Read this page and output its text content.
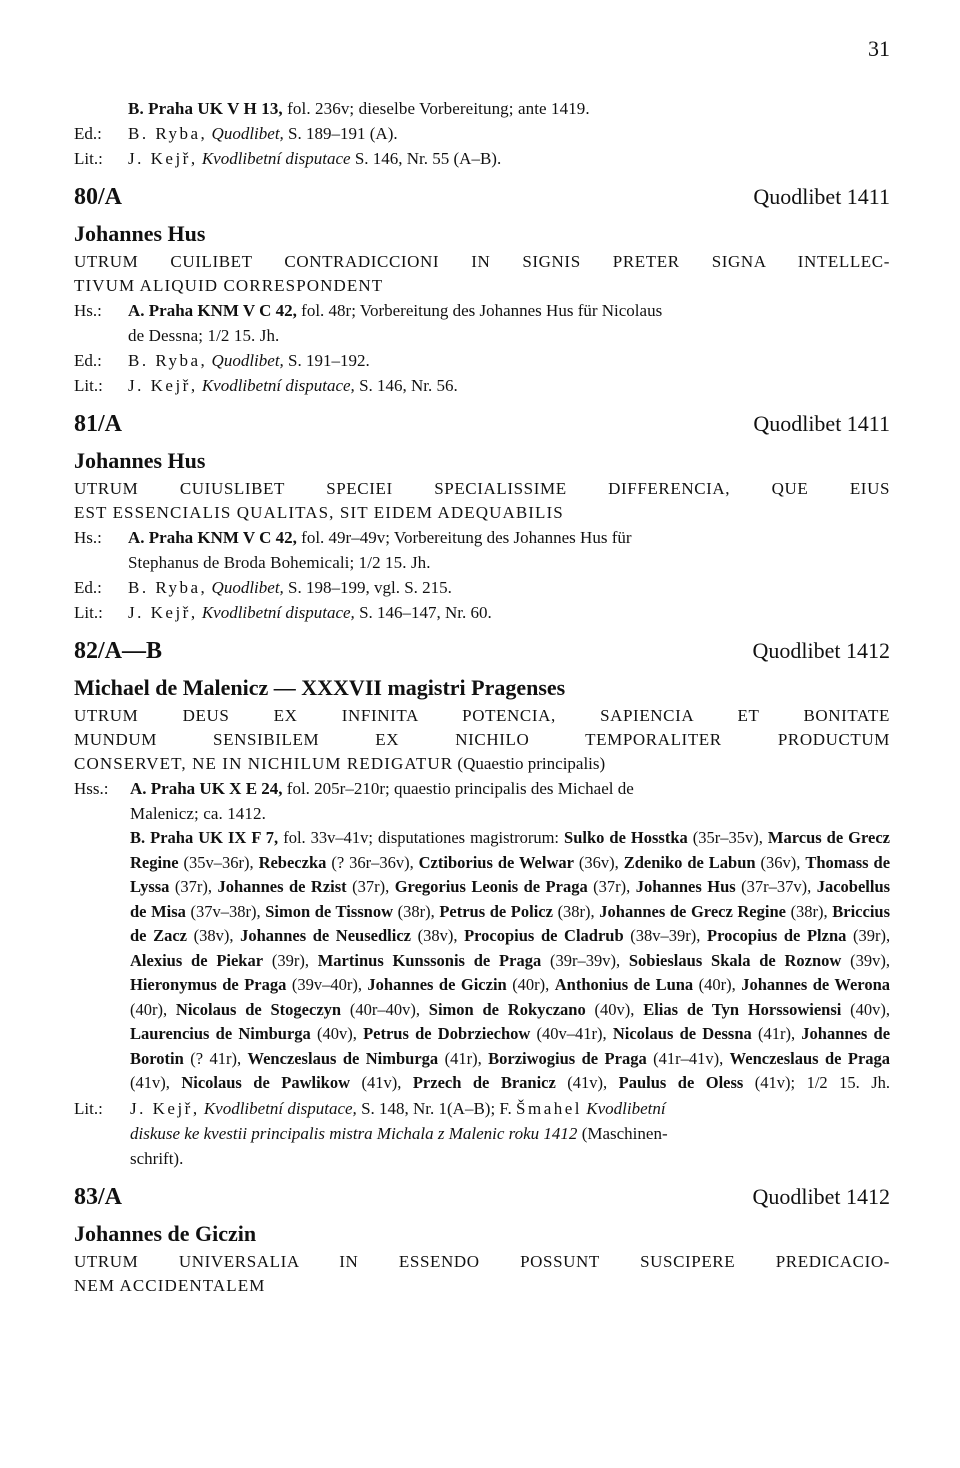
31
B. Praha UK V H 13, fol. 236v; dieselbe Vorbereitung; ante 1419.
Ed.:	B. Ryba, Quodlibet, S. 189–191 (A).
Lit.:	J. Kejř, Kvodlibetní disputace S. 146, Nr. 55 (A–B).
80/A	Quodlibet 1411
Johannes Hus
UTRUM CUILIBET CONTRADICCIONI IN SIGNIS PRETER SIGNA INTELLEC-
TIVUM ALIQUID CORRESPONDENT
Hs.:	A. Praha KNM V C 42, fol. 48r; Vorbereitung des Johannes Hus für Nicolaus
de Dessna; 1/2 15. Jh.
Ed.:	B. Ryba, Quodlibet, S. 191–192.
Lit.:	J. Kejř, Kvodlibetní disputace, S. 146, Nr. 56.
81/A	Quodlibet 1411
Johannes Hus
UTRUM CUIUSLIBET SPECIEI SPECIALISSIME DIFFERENCIA, QUE EIUS
EST ESSENCIALIS QUALITAS, SIT EIDEM ADEQUABILIS
Hs.:	A. Praha KNM V C 42, fol. 49r–49v; Vorbereitung des Johannes Hus für
Stephanus de Broda Bohemicali; 1/2 15. Jh.
Ed.:	B. Ryba, Quodlibet, S. 198–199, vgl. S. 215.
Lit.:	J. Kejř, Kvodlibetní disputace, S. 146–147, Nr. 60.
82/A—B	Quodlibet 1412
Michael de Malenicz — XXXVII magistri Pragenses
UTRUM DEUS EX INFINITA POTENCIA, SAPIENCIA ET BONITATE
MUNDUM SENSIBILEM EX NICHILO TEMPORALITER PRODUCTUM
CONSERVET, NE IN NICHILUM REDIGATUR (Quaestio principalis)
Hss.:	A. Praha UK X E 24, fol. 205r–210r; quaestio principalis des Michael de
Malenicz; ca. 1412.
B. Praha UK IX F 7, fol. 33v–41v; disputationes magistrorum: Sulko de Hosstka (35r–35v), Marcus de Grecz Regine (35v–36r), Rebeczka (? 36r–36v), Cztiborius de Welwar (36v), Zdeniko de Labun (36v), Thomass de Lyssa (37r), Johannes de Rzist (37r), Gregorius Leonis de Praga (37r), Johannes Hus (37r–37v), Jacobellus de Misa (37v–38r), Simon de Tissnow (38r), Petrus de Policz (38r), Johannes de Grecz Regine (38r), Briccius de Zacz (38v), Johannes de Neusedlicz (38v), Procopius de Cladrub (38v–39r), Procopius de Plzna (39r), Alexius de Piekar (39r), Martinus Kunssonis de Praga (39r–39v), Sobieslaus Skala de Roznow (39v), Hieronymus de Praga (39v–40r), Johannes de Giczin (40r), Anthonius de Luna (40r), Johannes de Werona (40r), Nicolaus de Stogeczyn (40r–40v), Simon de Rokyczano (40v), Elias de Tyn Horssowiensi (40v), Laurencius de Nimburga (40v), Petrus de Dobrziechow (40v–41r), Nicolaus de Dessna (41r), Johannes de Borotin (? 41r), Wenczeslaus de Nimburga (41r), Borziwogius de Praga (41r–41v), Wenczeslaus de Praga (41v), Nicolaus de Pawlikow (41v), Przech de Branicz (41v), Paulus de Oless (41v); 1/2 15. Jh.
Lit.:	J. Kejř, Kvodlibetní disputace, S. 148, Nr. 1(A–B); F. Šmahel Kvodlibetní
diskuse ke kvestii principalis mistra Michala z Malenic roku 1412 (Maschinen-
schrift).
83/A	Quodlibet 1412
Johannes de Giczin
UTRUM UNIVERSALIA IN ESSENDO POSSUNT SUSCIPERE PREDICACIO-
NEM ACCIDENTALEM
